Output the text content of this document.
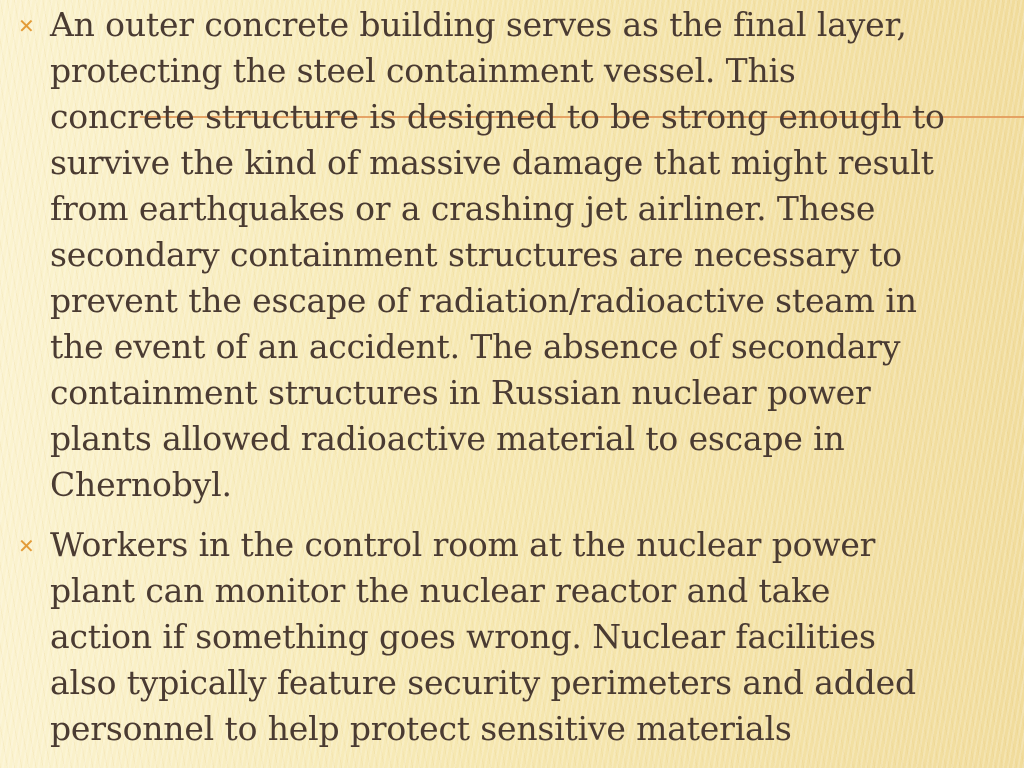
✕ An outer concrete building serves as the final layer,
protecting the steel containment vessel. This
concrete structure is designed to be strong enough to
survive the kind of massive damage that might result
from earthquakes or a crashing jet airliner. These
secondary containment structures are necessary to
prevent the escape of radiation/radioactive steam in
the event of an accident. The absence of secondary
containment structures in Russian nuclear power
plants allowed radioactive material to escape in
Chernobyl.

✕ Workers in the control room at the nuclear power
plant can monitor the nuclear reactor and take
action if something goes wrong. Nuclear facilities
also typically feature security perimeters and added
personnel to help protect sensitive materials
